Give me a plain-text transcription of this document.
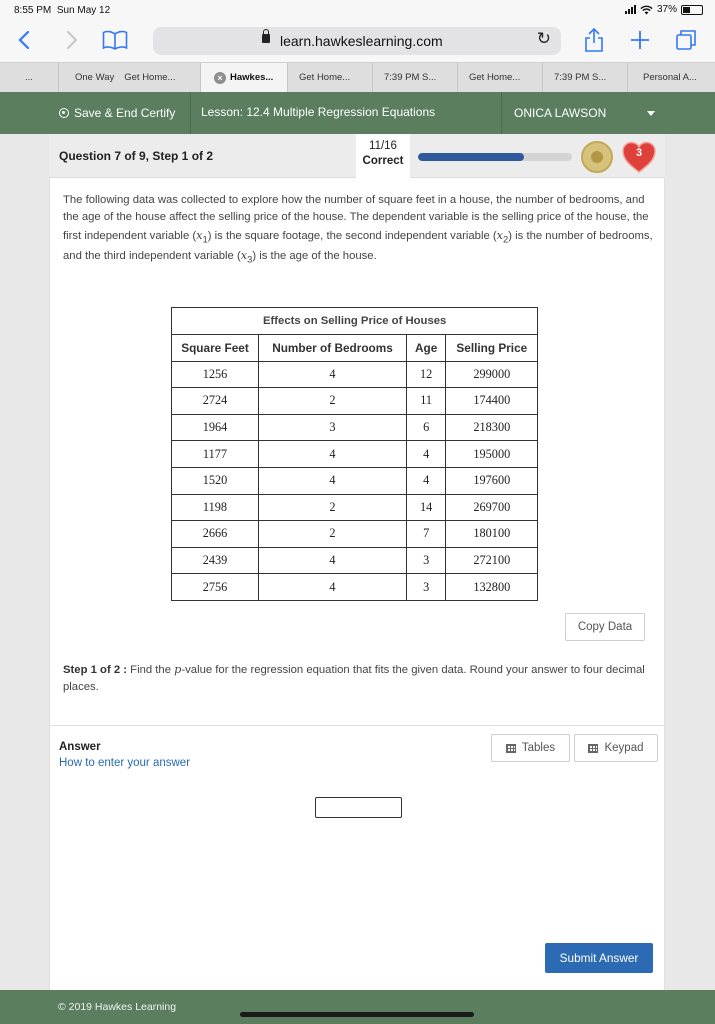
8:55 PM Sun May 12	37%
learn.hawkeslearning.com	↻
...	One Way Get Home...	× Hawkes...	Get Home...	7:39 PM S...	Get Home...	7:39 PM S...	Personal A...
Save & End Certify Lesson: 12.4 Multiple Regression Equations	ONICA LAWSON
Question 7 of 9, Step 1 of 2
11/16
Correct
3

The following data was collected to explore how the number of square feet in a house, the number of bedrooms, and the age of the house affect the selling price of the house. The dependent variable is the selling price of the house, the first independent variable $(x_1)$ is the square footage, the second independent variable $(x_2)$ is the number of bedrooms, and the third independent variable $(x_3)$ is the age of the house.

Effects on Selling Price of Houses			
Square Feet	Number of Bedrooms	Age	Selling Price
1256	4	12	299000
2724	2	11	174400
1964	3	6	218300
1177	4	4	195000
1520	4	4	197600
1198	2	14	269700
2666	2	7	180100
2439	4	3	272100
2756	4	3	132800
Copy Data

Step 1 of 2 : Find the p-value for the regression equation that fits the given data. Round your answer to four decimal places.

Answer
How to enter your answer
Tables	Keypad
Submit Answer
© 2019 Hawkes Learning
